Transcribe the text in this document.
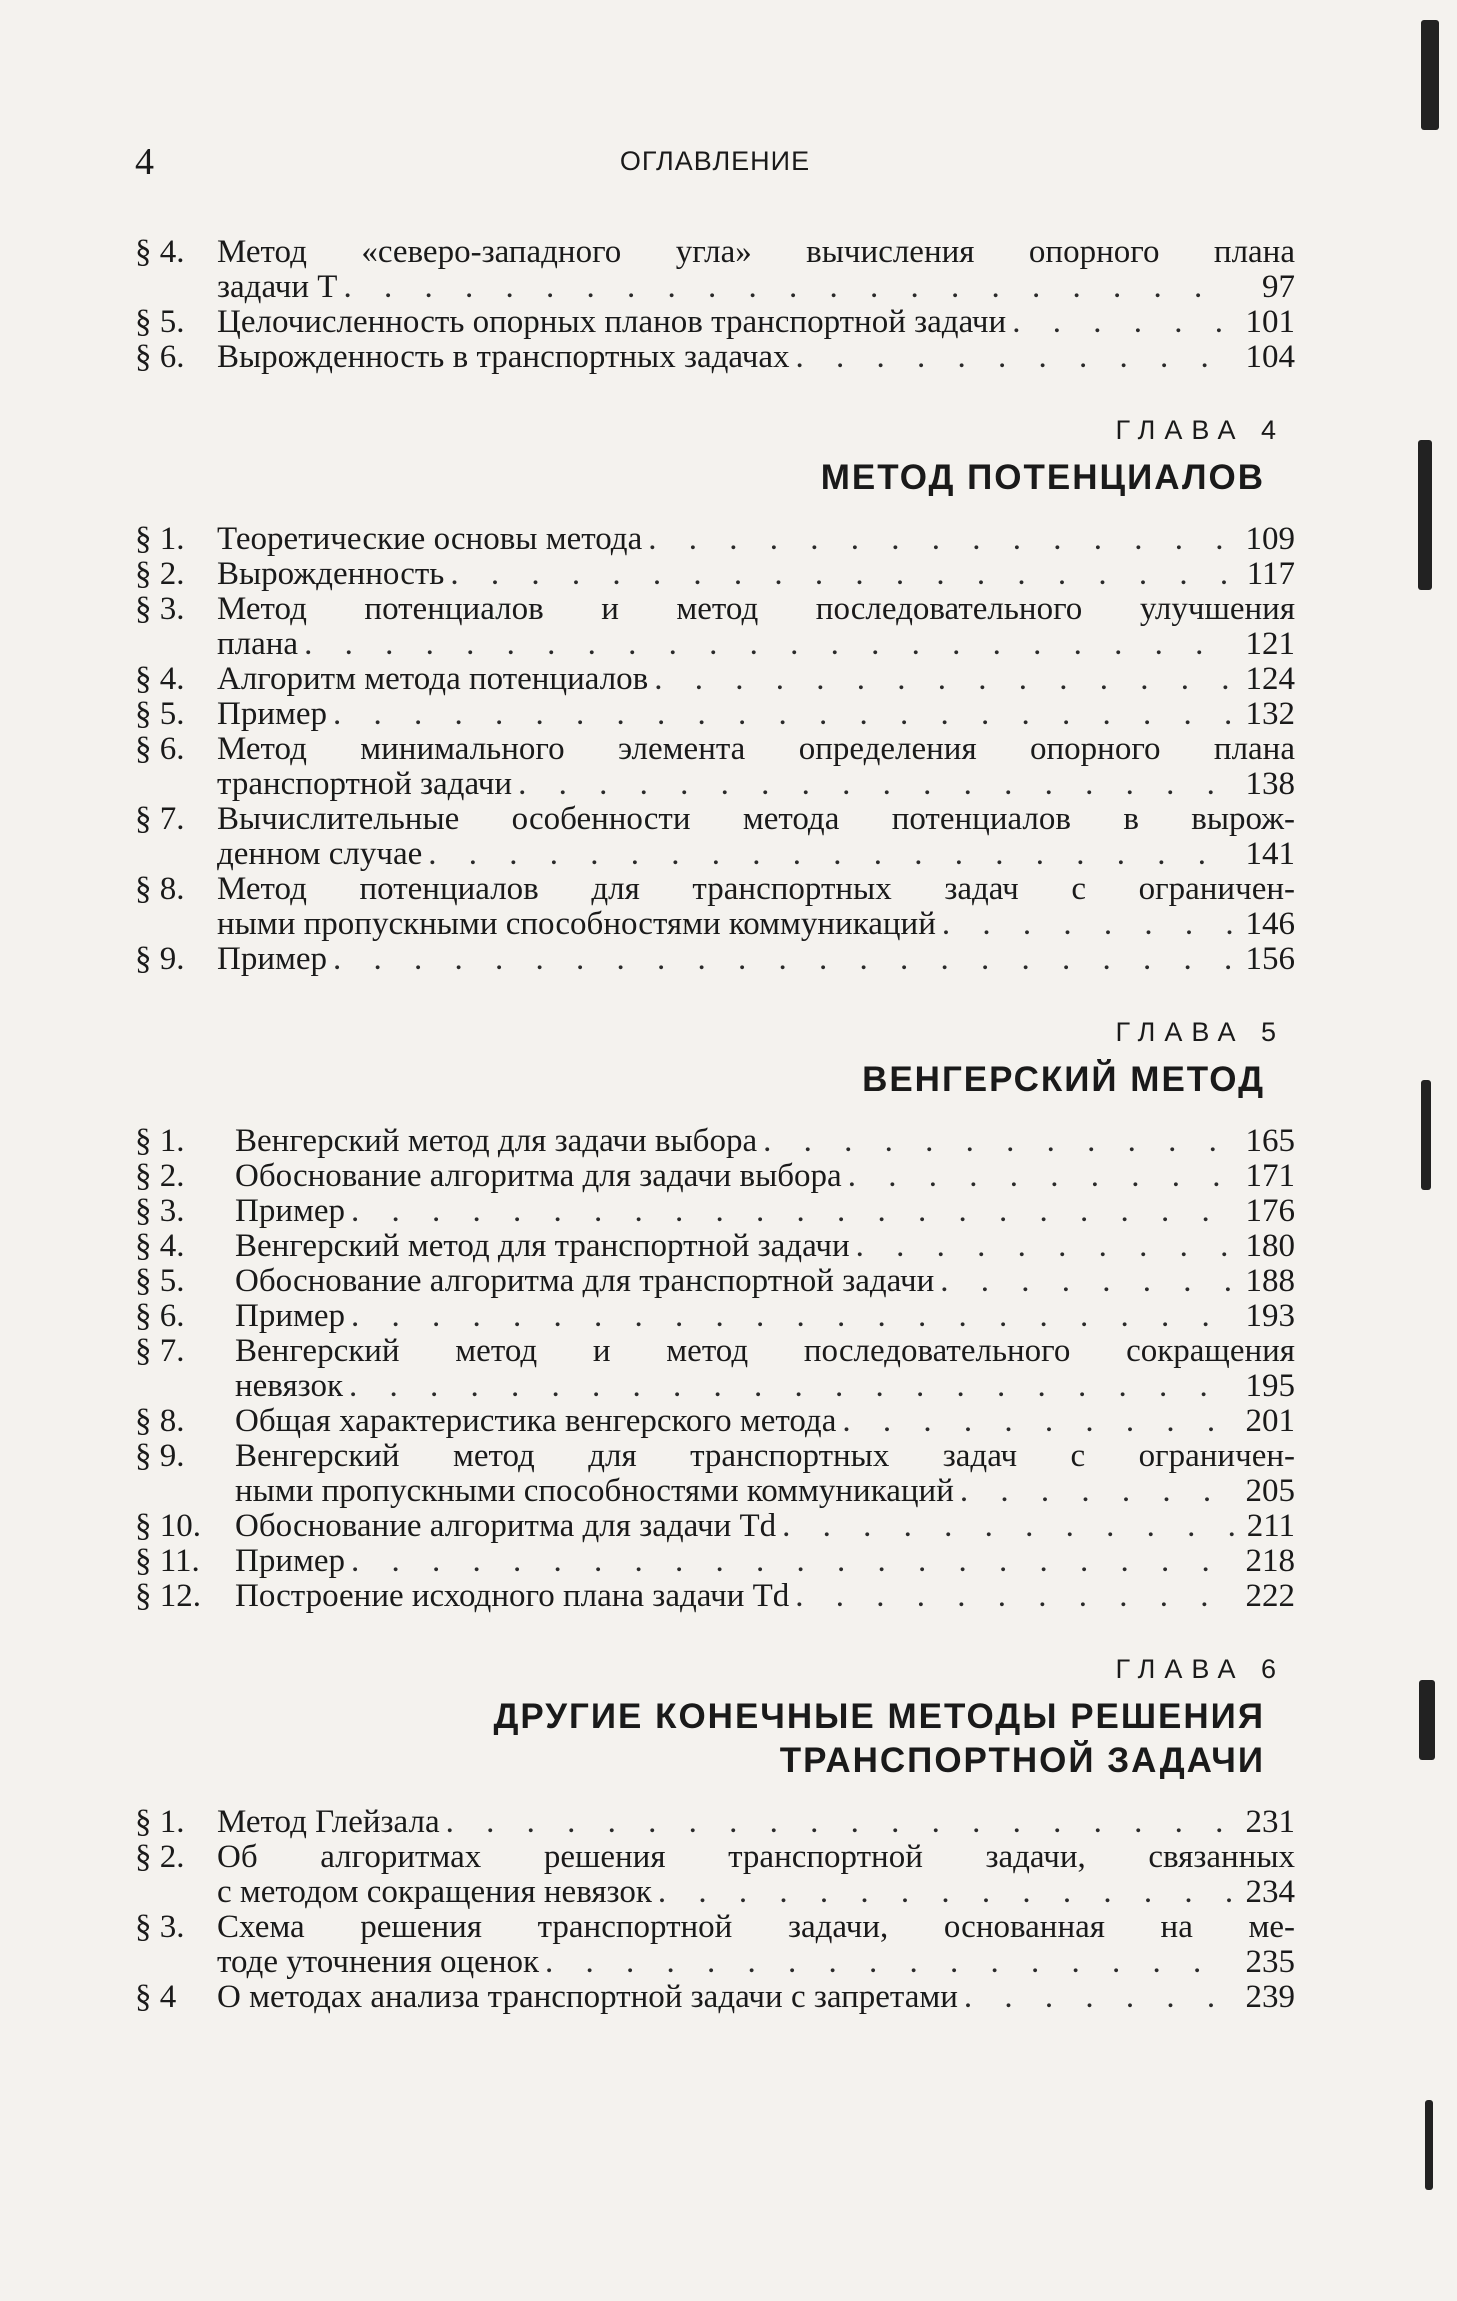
4	ОГЛАВЛЕНИЕ
§ 4. Метод «северо-западного угла» вычисления опорного плана
задачи T . . .	97
§ 5. Целочисленность опорных планов транспортной задачи . . .	101
§ 6. Вырожденность в транспортных задачах . . .	104
ГЛАВА 4
МЕТОД ПОТЕНЦИАЛОВ
§ 1. Теоретические основы метода . . .	109
§ 2. Вырожденность . . .	117
§ 3. Метод потенциалов и метод последовательного улучшения
плана . . .	121
§ 4. Алгоритм метода потенциалов . . .	124
§ 5. Пример . . .	132
§ 6. Метод минимального элемента определения опорного плана
транспортной задачи . . .	138
§ 7. Вычислительные особенности метода потенциалов в вырож-
денном случае . . .	141
§ 8. Метод потенциалов для транспортных задач с ограничен-
ными пропускными способностями коммуникаций . . .	146
§ 9. Пример . . .	156
ГЛАВА 5
ВЕНГЕРСКИЙ МЕТОД
§ 1.	Венгерский метод для задачи выбора . . .	165
§ 2.	Обоснование алгоритма для задачи выбора . . .	171
§ 3.	Пример . . .	176
§ 4.	Венгерский метод для транспортной задачи . . .	180
§ 5.	Обоснование алгоритма для транспортной задачи . . .	188
§ 6.	Пример . . .	193
§ 7.	Венгерский метод и метод последовательного сокращения
невязок . . .	195
§ 8.	Общая характеристика венгерского метода . . .	201
§ 9.	Венгерский метод для транспортных задач с ограничен-
ными пропускными способностями коммуникаций . . .	205
§ 10.	Обоснование алгоритма для задачи Td . . .	211
§ 11.	Пример . . .	218
§ 12.	Построение исходного плана задачи Td . . .	222
ГЛАВА 6
ДРУГИЕ КОНЕЧНЫЕ МЕТОДЫ РЕШЕНИЯ
ТРАНСПОРТНОЙ ЗАДАЧИ
§ 1. Метод Глейзала . . .	231
§ 2. Об алгоритмах решения транспортной задачи, связанных
с методом сокращения невязок . . .	234
§ 3. Схема решения транспортной задачи, основанная на ме-
тоде уточнения оценок . . .	235
§ 4	О методах анализа транспортной задачи с запретами . . .	239
